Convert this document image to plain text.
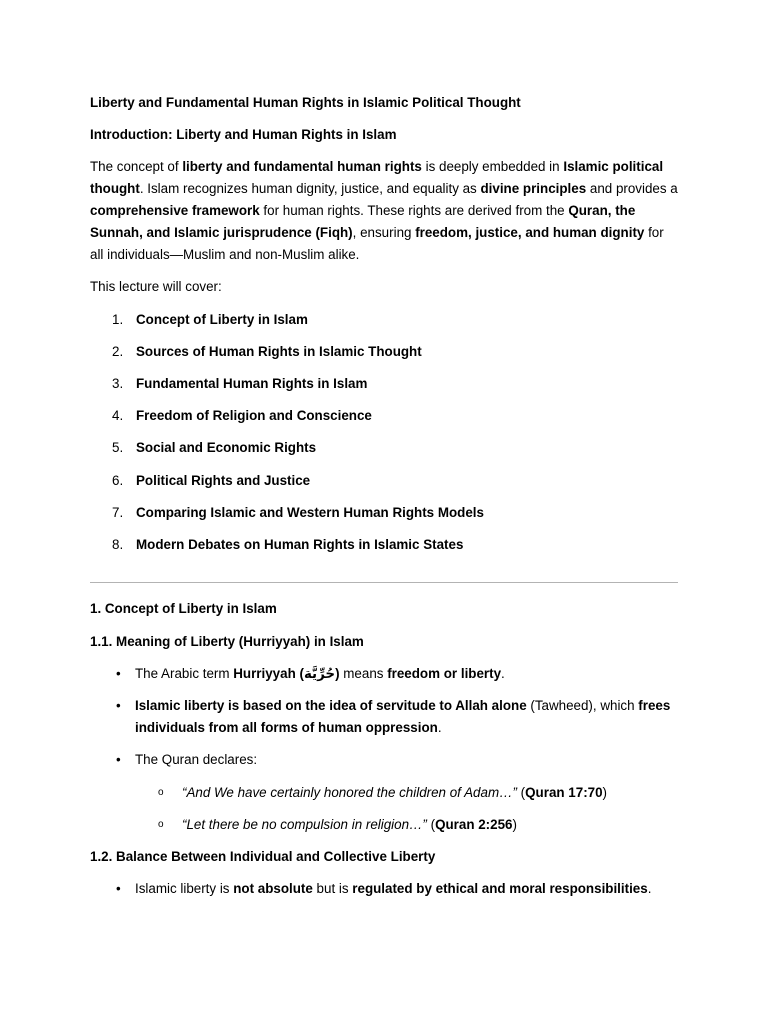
Liberty and Fundamental Human Rights in Islamic Political Thought

Introduction: Liberty and Human Rights in Islam

The concept of liberty and fundamental human rights is deeply embedded in Islamic political thought. Islam recognizes human dignity, justice, and equality as divine principles and provides a comprehensive framework for human rights. These rights are derived from the Quran, the Sunnah, and Islamic jurisprudence (Fiqh), ensuring freedom, justice, and human dignity for all individuals—Muslim and non-Muslim alike.

This lecture will cover:

1. Concept of Liberty in Islam
2. Sources of Human Rights in Islamic Thought
3. Fundamental Human Rights in Islam
4. Freedom of Religion and Conscience
5. Social and Economic Rights
6. Political Rights and Justice
7. Comparing Islamic and Western Human Rights Models
8. Modern Debates on Human Rights in Islamic States

1. Concept of Liberty in Islam

1.1. Meaning of Liberty (Hurriyyah) in Islam

• The Arabic term Hurriyyah (حُرِّيَّة) means freedom or liberty.
• Islamic liberty is based on the idea of servitude to Allah alone (Tawheed), which frees individuals from all forms of human oppression.
• The Quran declares:
o “And We have certainly honored the children of Adam…” (Quran 17:70)
o “Let there be no compulsion in religion…” (Quran 2:256)

1.2. Balance Between Individual and Collective Liberty

• Islamic liberty is not absolute but is regulated by ethical and moral responsibilities.
